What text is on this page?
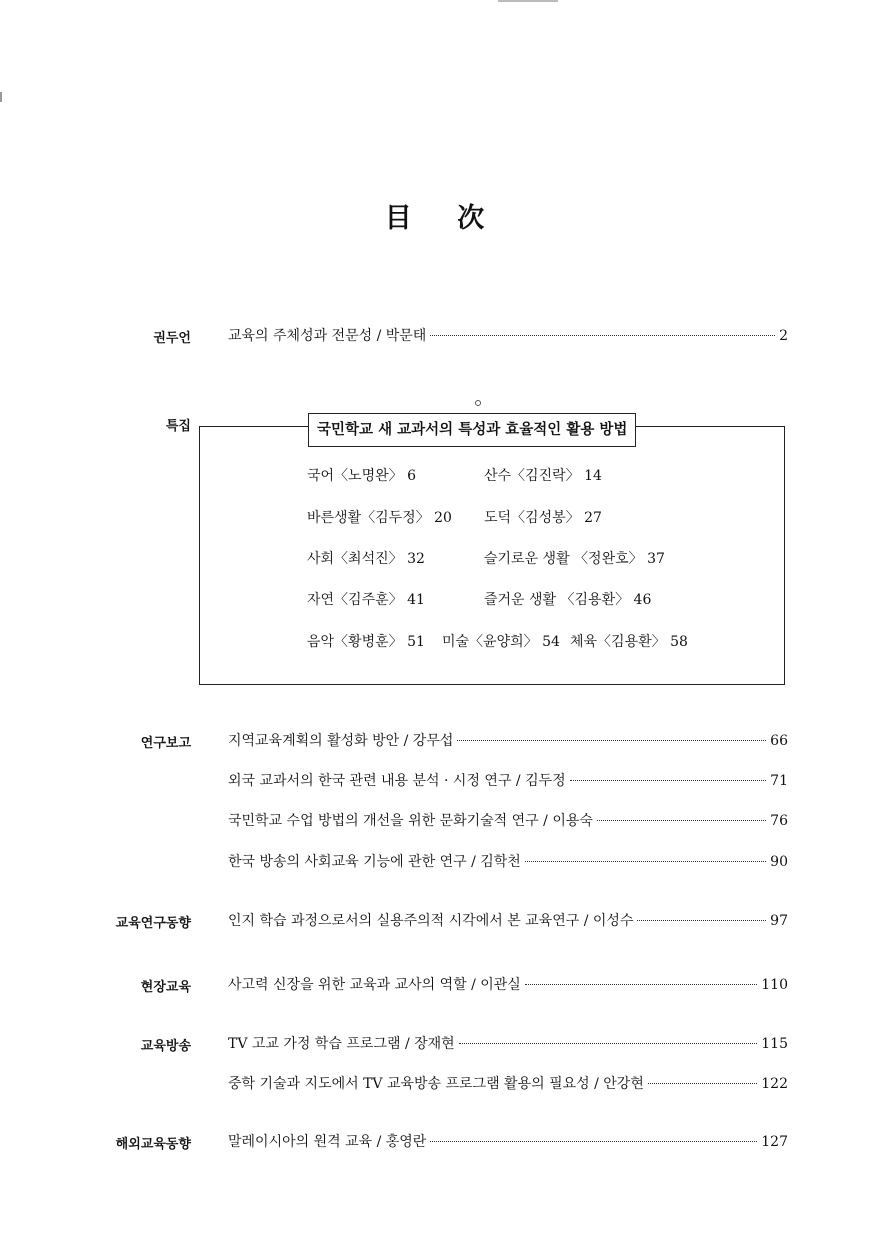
目 次
권두언	교육의 주체성과 전문성 / 박문태	2
특집	국민학교 새 교과서의 특성과 효율적인 활용 방법
국어〈노명완〉 6	산수〈김진락〉 14
바른생활〈김두정〉 20 도덕〈김성봉〉 27
사회〈최석진〉 32	슬기로운 생활 〈정완호〉 37
자연〈김주훈〉 41	즐거운 생활 〈김용환〉 46
음악〈황병훈〉 51 미술〈윤양희〉 54 체육〈김용환〉 58
연구보고	지역교육계획의 활성화 방안 / 강무섭	66
외국 교과서의 한국 관련 내용 분석 · 시정 연구 / 김두정	71
국민학교 수업 방법의 개선을 위한 문화기술적 연구 / 이용숙	76
한국 방송의 사회교육 기능에 관한 연구 / 김학천	90
교육연구동향	인지 학습 과정으로서의 실용주의적 시각에서 본 교육연구 / 이성수	97
현장교육	사고력 신장을 위한 교육과 교사의 역할 / 이관실	110
교육방송	TV 고교 가정 학습 프로그램 / 장재현	115
중학 기술과 지도에서 TV 교육방송 프로그램 활용의 필요성 / 안강현	122
해외교육동향	말레이시아의 원격 교육 / 홍영란	127
